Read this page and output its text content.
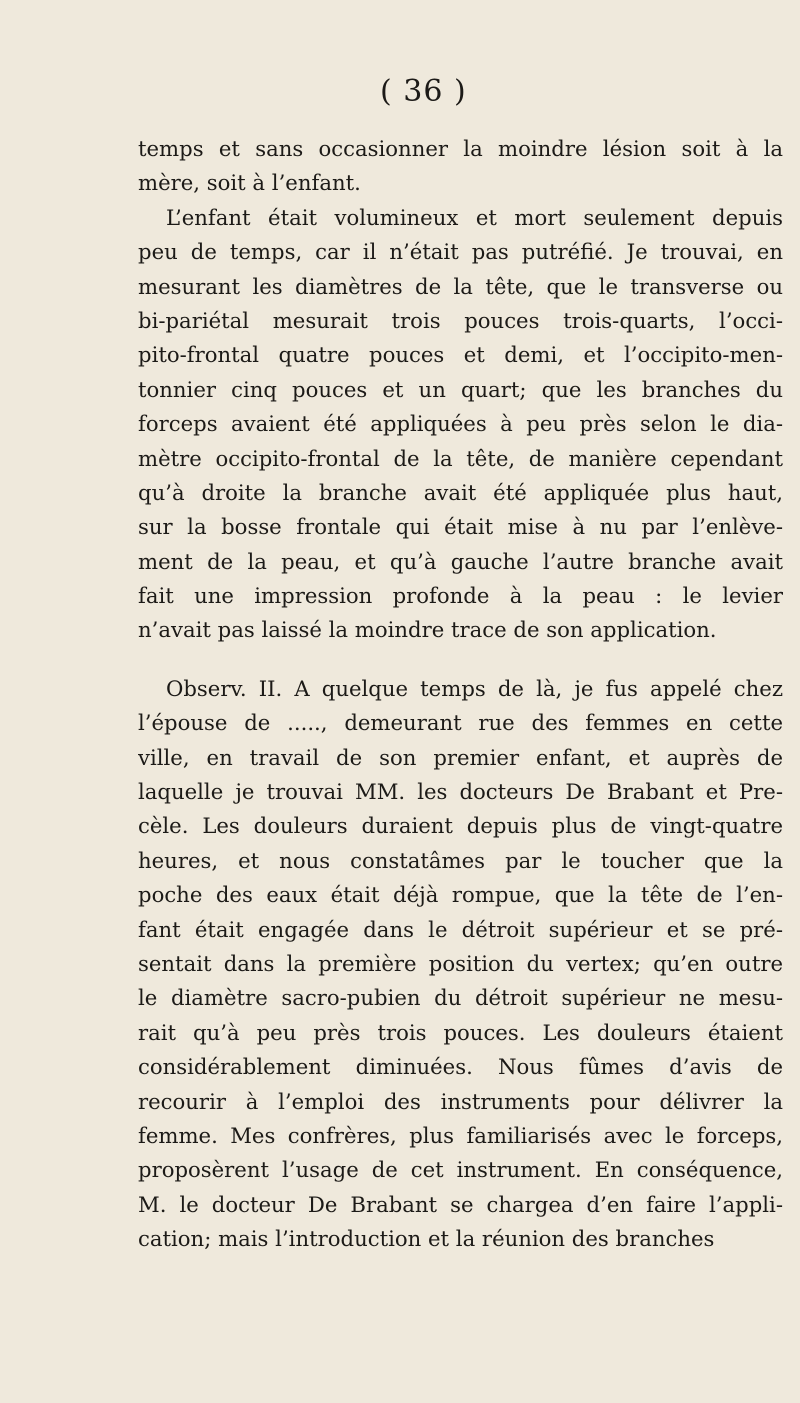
( 36 )
temps et sans occasionner la moindre lésion soit à la
mère, soit à l’enfant.
L’enfant était volumineux et mort seulement depuis
peu de temps, car il n’était pas putréfié. Je trouvai, en
mesurant les diamètres de la tête, que le transverse ou
bi-pariétal mesurait trois pouces trois-quarts, l’occi-
pito-frontal quatre pouces et demi, et l’occipito-men-
tonnier cinq pouces et un quart; que les branches du
forceps avaient été appliquées à peu près selon le dia-
mètre occipito-frontal de la tête, de manière cependant
qu’à droite la branche avait été appliquée plus haut,
sur la bosse frontale qui était mise à nu par l’enlève-
ment de la peau, et qu’à gauche l’autre branche avait
fait une impression profonde à la peau : le levier
n’avait pas laissé la moindre trace de son application.
Observ. II. A quelque temps de là, je fus appelé chez
l’épouse de ....., demeurant rue des femmes en cette
ville, en travail de son premier enfant, et auprès de
laquelle je trouvai MM. les docteurs De Brabant et Pre-
cèle. Les douleurs duraient depuis plus de vingt-quatre
heures, et nous constatâmes par le toucher que la
poche des eaux était déjà rompue, que la tête de l’en-
fant était engagée dans le détroit supérieur et se pré-
sentait dans la première position du vertex; qu’en outre
le diamètre sacro-pubien du détroit supérieur ne mesu-
rait qu’à peu près trois pouces. Les douleurs étaient
considérablement diminuées. Nous fûmes d’avis de
recourir à l’emploi des instruments pour délivrer la
femme. Mes confrères, plus familiarisés avec le forceps,
proposèrent l’usage de cet instrument. En conséquence,
M. le docteur De Brabant se chargea d’en faire l’appli-
cation; mais l’introduction et la réunion des branches
